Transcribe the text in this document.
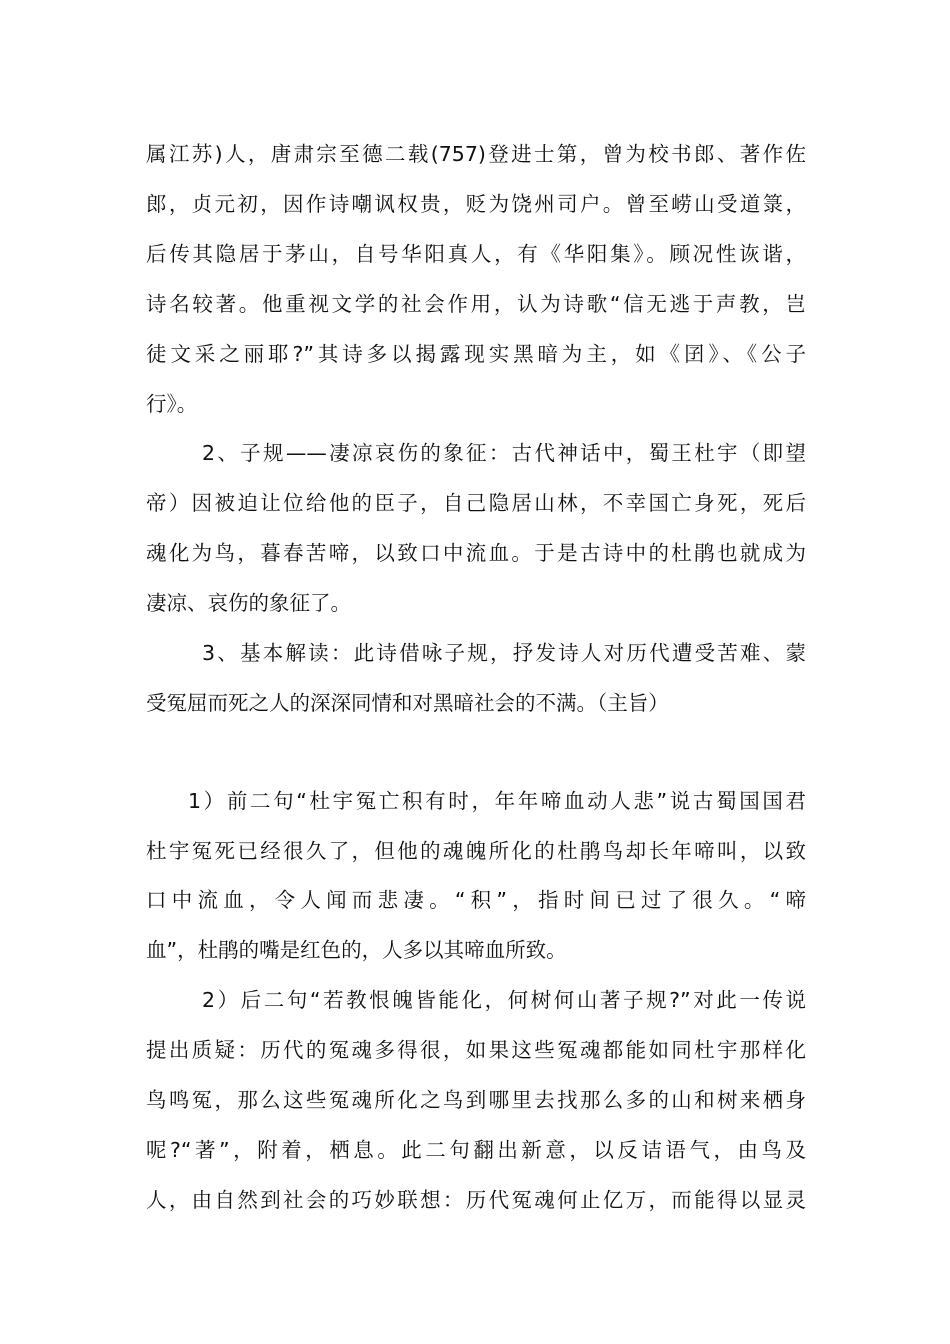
属江苏)人，唐肃宗至德二载(757)登进士第，曾为校书郎、著作佐
郎，贞元初，因作诗嘲讽权贵，贬为饶州司户。曾至崂山受道箓，
后传其隐居于茅山，自号华阳真人，有《华阳集》。顾况性诙谐，
诗名较著。他重视文学的社会作用，认为诗歌“信无逃于声教，岂
徒文采之丽耶?”其诗多以揭露现实黑暗为主，如《囝》、《公子
行》。
2、子规——凄凉哀伤的象征：古代神话中，蜀王杜宇（即望
帝）因被迫让位给他的臣子，自己隐居山林，不幸国亡身死，死后
魂化为鸟，暮春苦啼，以致口中流血。于是古诗中的杜鹃也就成为
凄凉、哀伤的象征了。
3、基本解读：此诗借咏子规，抒发诗人对历代遭受苦难、蒙
受冤屈而死之人的深深同情和对黑暗社会的不满。（主旨）
1）前二句“杜宇冤亡积有时，年年啼血动人悲”说古蜀国国君
杜宇冤死已经很久了，但他的魂魄所化的杜鹃鸟却长年啼叫，以致
口中流血，令人闻而悲凄。“积”，指时间已过了很久。“啼
血”，杜鹃的嘴是红色的，人多以其啼血所致。
2）后二句“若教恨魄皆能化，何树何山著子规?”对此一传说
提出质疑：历代的冤魂多得很，如果这些冤魂都能如同杜宇那样化
鸟鸣冤，那么这些冤魂所化之鸟到哪里去找那么多的山和树来栖身
呢?“著”，附着，栖息。此二句翻出新意，以反诘语气，由鸟及
人，由自然到社会的巧妙联想：历代冤魂何止亿万，而能得以显灵
